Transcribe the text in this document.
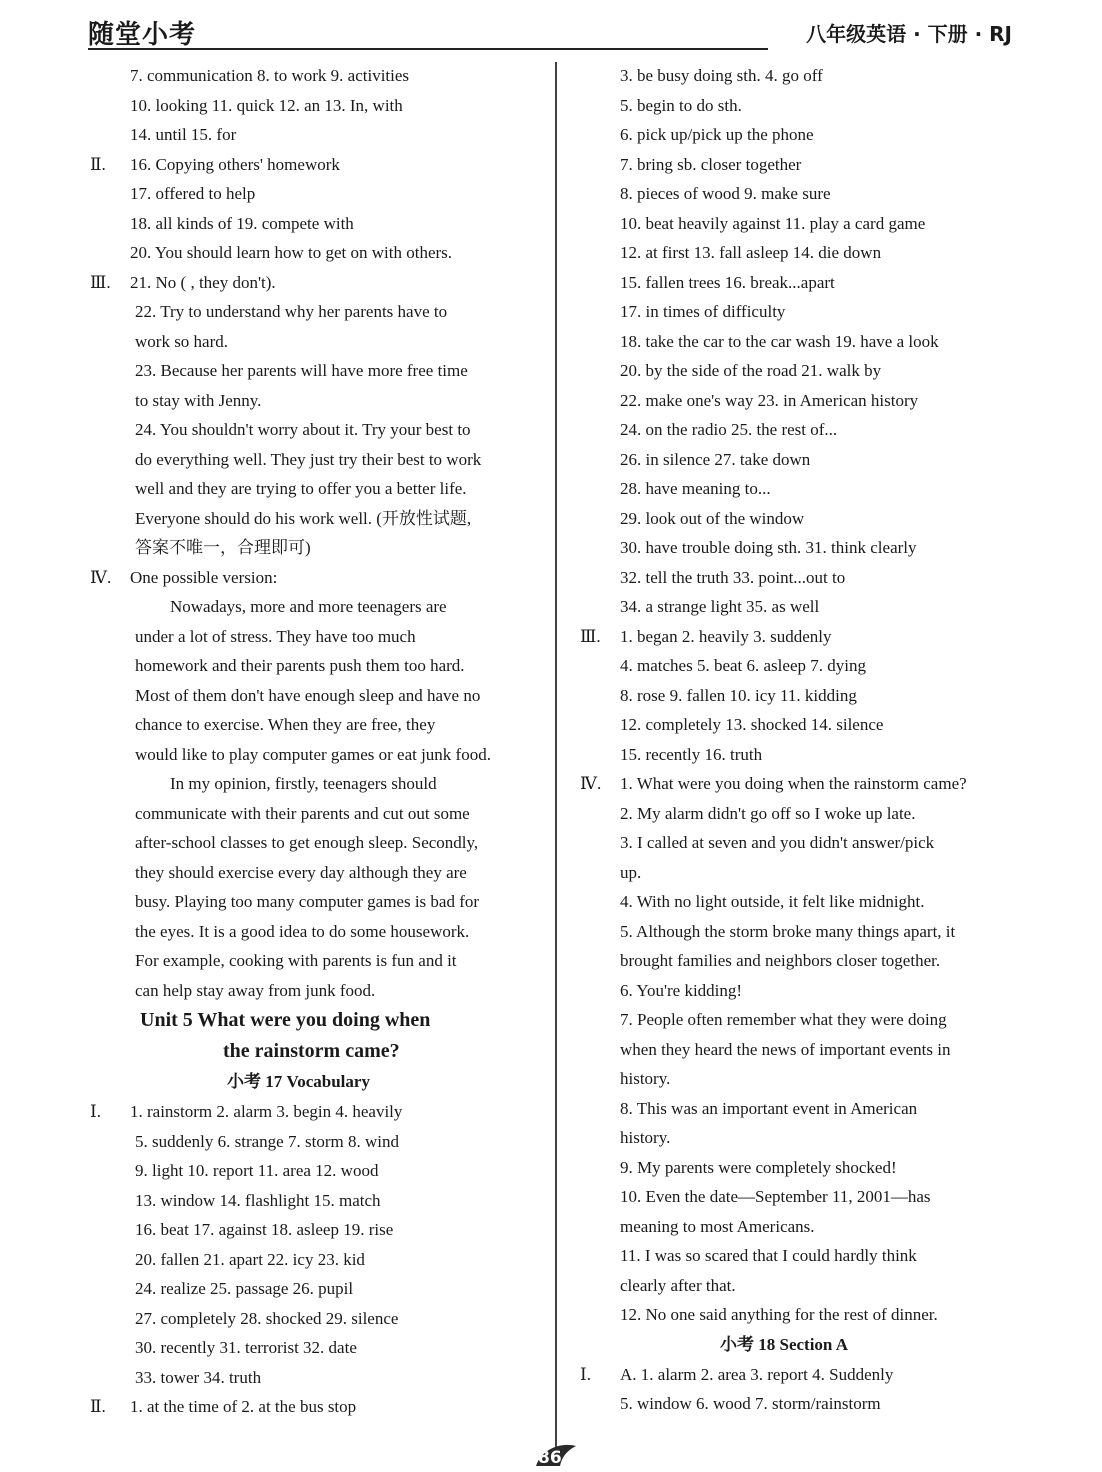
随堂小考	八年级英语 · 下册 · RJ
7. communication 8. to work 9. activities
10. looking 11. quick 12. an 13. In, with
14. until 15. for
Ⅱ. 16. Copying others' homework
17. offered to help
18. all kinds of 19. compete with
20. You should learn how to get on with others.
Ⅲ. 21. No ( , they don't).
22. Try to understand why her parents have to
work so hard.
23. Because her parents will have more free time
to stay with Jenny.
24. You shouldn't worry about it. Try your best to
do everything well. They just try their best to work
well and they are trying to offer you a better life.
Everyone should do his work well. (开放性试题,
答案不唯一，合理即可)
Ⅳ. One possible version:
Nowadays, more and more teenagers are
under a lot of stress. They have too much
homework and their parents push them too hard.
Most of them don't have enough sleep and have no
chance to exercise. When they are free, they
would like to play computer games or eat junk food.
In my opinion, firstly, teenagers should
communicate with their parents and cut out some
after-school classes to get enough sleep. Secondly,
they should exercise every day although they are
busy. Playing too many computer games is bad for
the eyes. It is a good idea to do some housework.
For example, cooking with parents is fun and it
can help stay away from junk food.
Unit 5 What were you doing when
the rainstorm came?
小考 17 Vocabulary
Ⅰ. 1. rainstorm 2. alarm 3. begin 4. heavily
5. suddenly 6. strange 7. storm 8. wind
9. light 10. report 11. area 12. wood
13. window 14. flashlight 15. match
16. beat 17. against 18. asleep 19. rise
20. fallen 21. apart 22. icy 23. kid
24. realize 25. passage 26. pupil
27. completely 28. shocked 29. silence
30. recently 31. terrorist 32. date
33. tower 34. truth
Ⅱ. 1. at the time of 2. at the bus stop
3. be busy doing sth. 4. go off
5. begin to do sth.
6. pick up/pick up the phone
7. bring sb. closer together
8. pieces of wood 9. make sure
10. beat heavily against 11. play a card game
12. at first 13. fall asleep 14. die down
15. fallen trees 16. break...apart
17. in times of difficulty
18. take the car to the car wash 19. have a look
20. by the side of the road 21. walk by
22. make one's way 23. in American history
24. on the radio 25. the rest of...
26. in silence 27. take down
28. have meaning to...
29. look out of the window
30. have trouble doing sth. 31. think clearly
32. tell the truth 33. point...out to
34. a strange light 35. as well
Ⅲ. 1. began 2. heavily 3. suddenly
4. matches 5. beat 6. asleep 7. dying
8. rose 9. fallen 10. icy 11. kidding
12. completely 13. shocked 14. silence
15. recently 16. truth
Ⅳ. 1. What were you doing when the rainstorm came?
2. My alarm didn't go off so I woke up late.
3. I called at seven and you didn't answer/pick
up.
4. With no light outside, it felt like midnight.
5. Although the storm broke many things apart, it
brought families and neighbors closer together.
6. You're kidding!
7. People often remember what they were doing
when they heard the news of important events in
history.
8. This was an important event in American
history.
9. My parents were completely shocked!
10. Even the date—September 11, 2001—has
meaning to most Americans.
11. I was so scared that I could hardly think
clearly after that.
12. No one said anything for the rest of dinner.
小考 18 Section A
Ⅰ. A. 1. alarm 2. area 3. report 4. Suddenly
5. window 6. wood 7. storm/rainstorm
86
